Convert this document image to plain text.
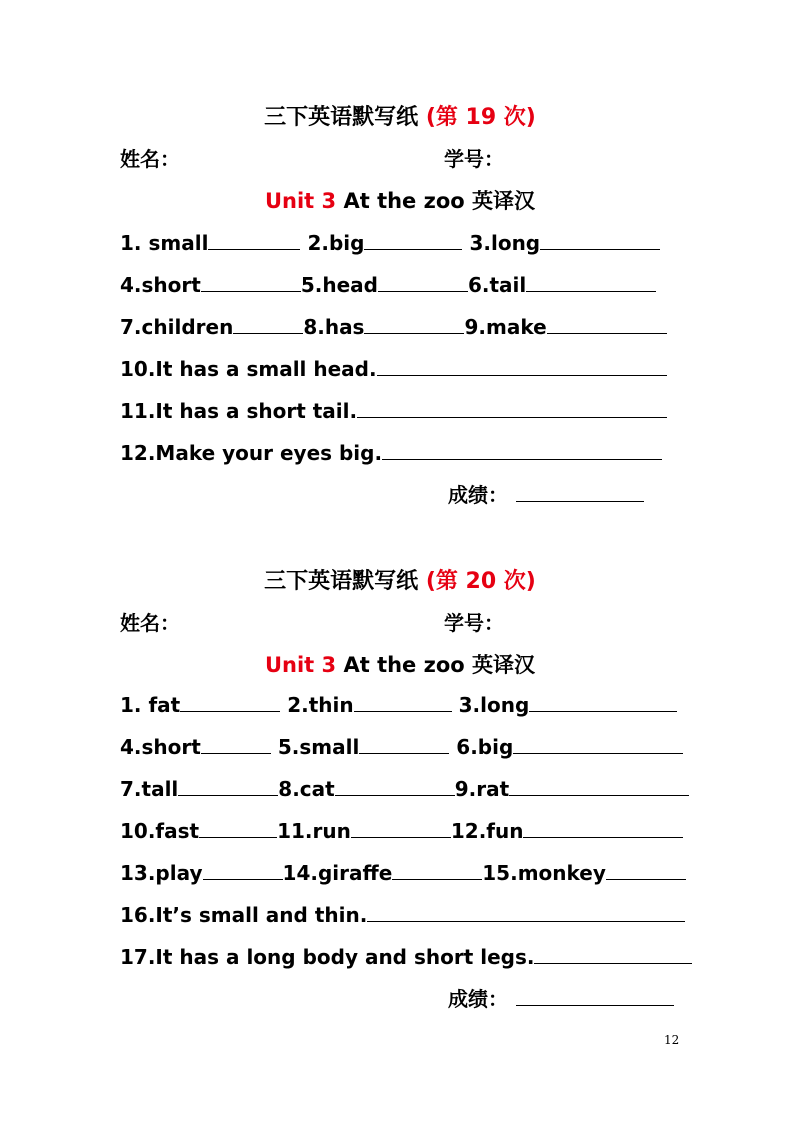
三下英语默写纸 (第 19 次)
姓名：	学号：
Unit 3 At the zoo 英译汉
1. small	2.big	3.long
4.short	5.head	6.tail
7.children	8.has	9.make
10.It has a small head.
11.It has a short tail.
12.Make your eyes big.
成绩：
三下英语默写纸 (第 20 次)
姓名：	学号：
Unit 3 At the zoo 英译汉
1. fat	2.thin	3.long
4.short	5.small	6.big
7.tall	8.cat	9.rat
10.fast	11.run	12.fun
13.play	14.giraffe	15.monkey
16.It’s small and thin.
17.It has a long body and short legs.
成绩：
12
